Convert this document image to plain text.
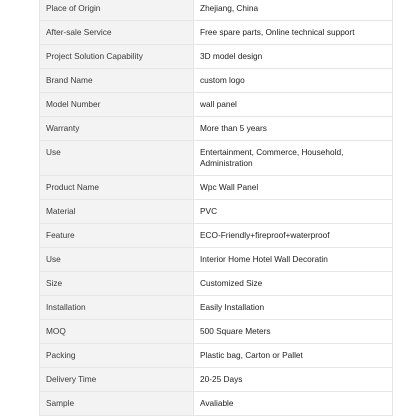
Place of Origin	Zhejiang, China
After-sale Service	Free spare parts, Online technical support
Project Solution Capability	3D model design
Brand Name	custom logo
Model Number	wall panel
Warranty	More than 5 years
Use	Entertainment, Commerce, Household, Administration
Product Name	Wpc Wall Panel
Material	PVC
Feature	ECO-Friendly+fireproof+waterproof
Use	Interior Home Hotel Wall Decoratin
Size	Customized Size
Installation	Easily Installation
MOQ	500 Square Meters
Packing	Plastic bag, Carton or Pallet
Delivery Time	20-25 Days
Sample	Avaliable
